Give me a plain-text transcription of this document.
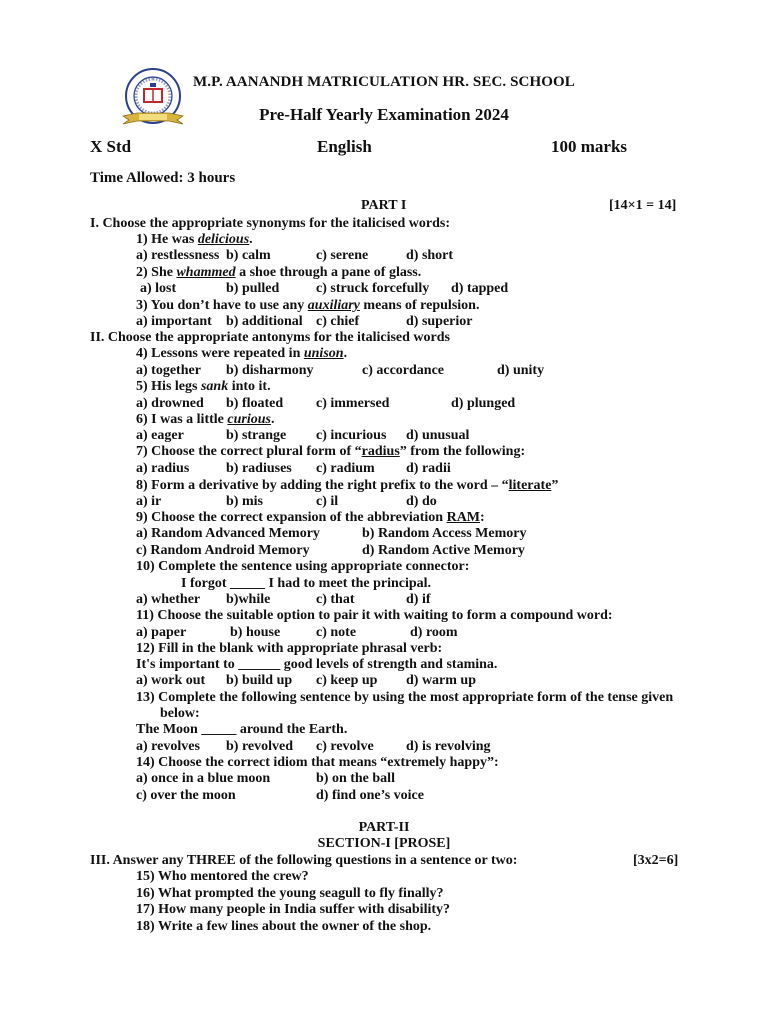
M.P. AANANDH MATRICULATION HR. SEC. SCHOOL
Pre-Half Yearly Examination 2024
X Std	English	100 marks
Time Allowed: 3 hours
PART I	[14×1 = 14]
I. Choose the appropriate synonyms for the italicised words:
1) He was delicious.
a) restlessness b) calm	c) serene	d) short
2) She whammed a shoe through a pane of glass.
a) lost	b) pulled	c) struck forcefully d) tapped
3) You don’t have to use any auxiliary means of repulsion.
a) important b) additional c) chief	d) superior
II. Choose the appropriate antonyms for the italicised words
4) Lessons were repeated in unison.
a) together b) disharmony	c) accordance	d) unity
5) His legs sank into it.
a) drowned b) floated c) immersed	d) plunged
6) I was a little curious.
a) eager	b) strange c) incurious d) unusual
7) Choose the correct plural form of “radius” from the following:
a) radius	b) radiuses c) radium d) radii
8) Form a derivative by adding the right prefix to the word – “literate”
a) ir	b) mis	c) il	d) do
9) Choose the correct expansion of the abbreviation RAM:
a) Random Advanced Memory	b) Random Access Memory
c) Random Android Memory	d) Random Active Memory
10) Complete the sentence using appropriate connector:
I forgot _____ I had to meet the principal.
a) whether b)while	c) that	d) if
11) Choose the suitable option to pair it with waiting to form a compound word:
a) paper	b) house	c) note	d) room
12) Fill in the blank with appropriate phrasal verb:
It's important to ______ good levels of strength and stamina.
a) work out b) build up c) keep up d) warm up
13) Complete the following sentence by using the most appropriate form of the tense given
below:
The Moon _____ around the Earth.
a) revolves b) revolved c) revolve d) is revolving
14) Choose the correct idiom that means “extremely happy”:
a) once in a blue moon	b) on the ball
c) over the moon	d) find one’s voice
PART-II
SECTION-I [PROSE]
III. Answer any THREE of the following questions in a sentence or two:	[3x2=6]
15) Who mentored the crew?
16) What prompted the young seagull to fly finally?
17) How many people in India suffer with disability?
18) Write a few lines about the owner of the shop.
